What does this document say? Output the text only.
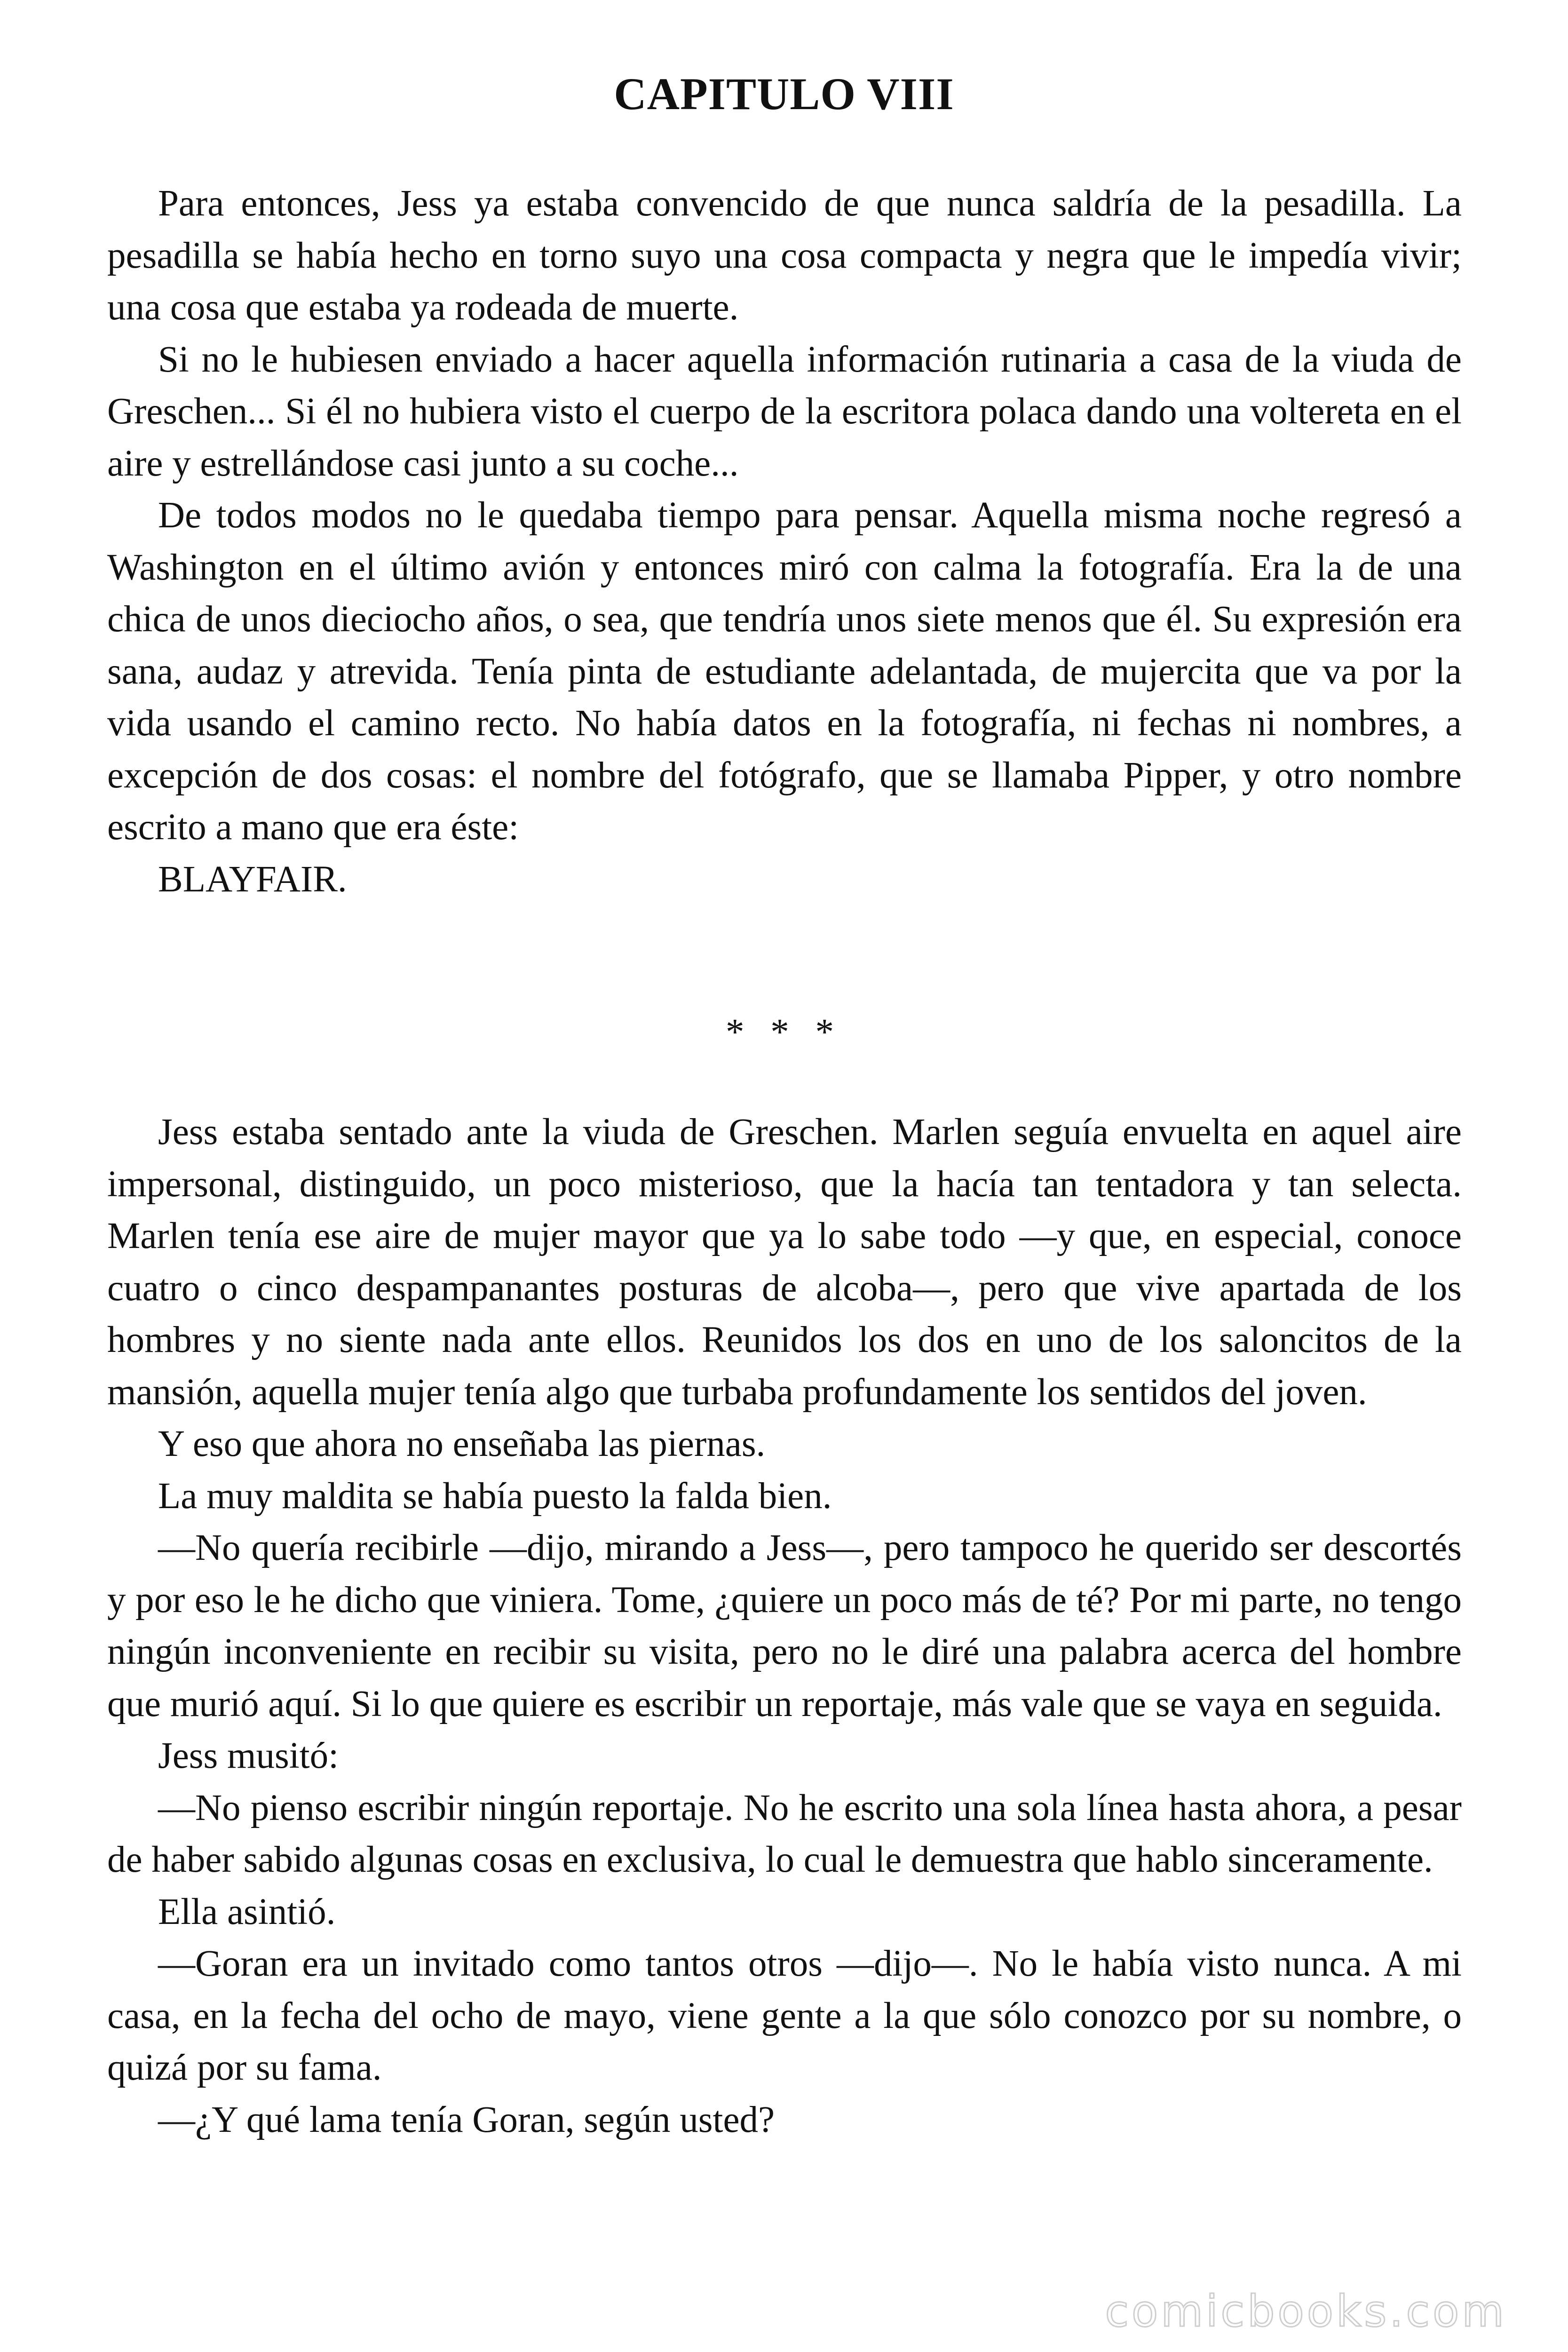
CAPITULO VIII

Para entonces, Jess ya estaba convencido de que nunca saldría de la pesadilla. La pesadilla se había hecho en torno suyo una cosa compacta y negra que le impedía vivir; una cosa que estaba ya rodeada de muerte.

Si no le hubiesen enviado a hacer aquella información rutinaria a casa de la viuda de Greschen... Si él no hubiera visto el cuerpo de la escritora polaca dando una voltereta en el aire y estrellándose casi junto a su coche...

De todos modos no le quedaba tiempo para pensar. Aquella misma noche regresó a Washington en el último avión y entonces miró con calma la fotografía. Era la de una chica de unos dieciocho años, o sea, que tendría unos siete menos que él. Su expresión era sana, audaz y atrevida. Tenía pinta de estudiante adelantada, de mujercita que va por la vida usando el camino recto. No había datos en la fotografía, ni fechas ni nombres, a excepción de dos cosas: el nombre del fotógrafo, que se llamaba Pipper, y otro nombre escrito a mano que era éste:

BLAYFAIR.

* * *

Jess estaba sentado ante la viuda de Greschen. Marlen seguía envuelta en aquel aire impersonal, distinguido, un poco misterioso, que la hacía tan tentadora y tan selecta. Marlen tenía ese aire de mujer mayor que ya lo sabe todo —y que, en especial, conoce cuatro o cinco despampanantes posturas de alcoba—, pero que vive apartada de los hombres y no siente nada ante ellos. Reunidos los dos en uno de los saloncitos de la mansión, aquella mujer tenía algo que turbaba profundamente los sentidos del joven.

Y eso que ahora no enseñaba las piernas.

La muy maldita se había puesto la falda bien.

—No quería recibirle —dijo, mirando a Jess—, pero tampoco he querido ser descortés y por eso le he dicho que viniera. Tome, ¿quiere un poco más de té? Por mi parte, no tengo ningún inconveniente en recibir su visita, pero no le diré una palabra acerca del hombre que murió aquí. Si lo que quiere es escribir un reportaje, más vale que se vaya en seguida.

Jess musitó:

—No pienso escribir ningún reportaje. No he escrito una sola línea hasta ahora, a pesar de haber sabido algunas cosas en exclusiva, lo cual le demuestra que hablo sinceramente.

Ella asintió.

—Goran era un invitado como tantos otros —dijo—. No le había visto nunca. A mi casa, en la fecha del ocho de mayo, viene gente a la que sólo conozco por su nombre, o quizá por su fama.

—¿Y qué lama tenía Goran, según usted?

comicbooks.com
